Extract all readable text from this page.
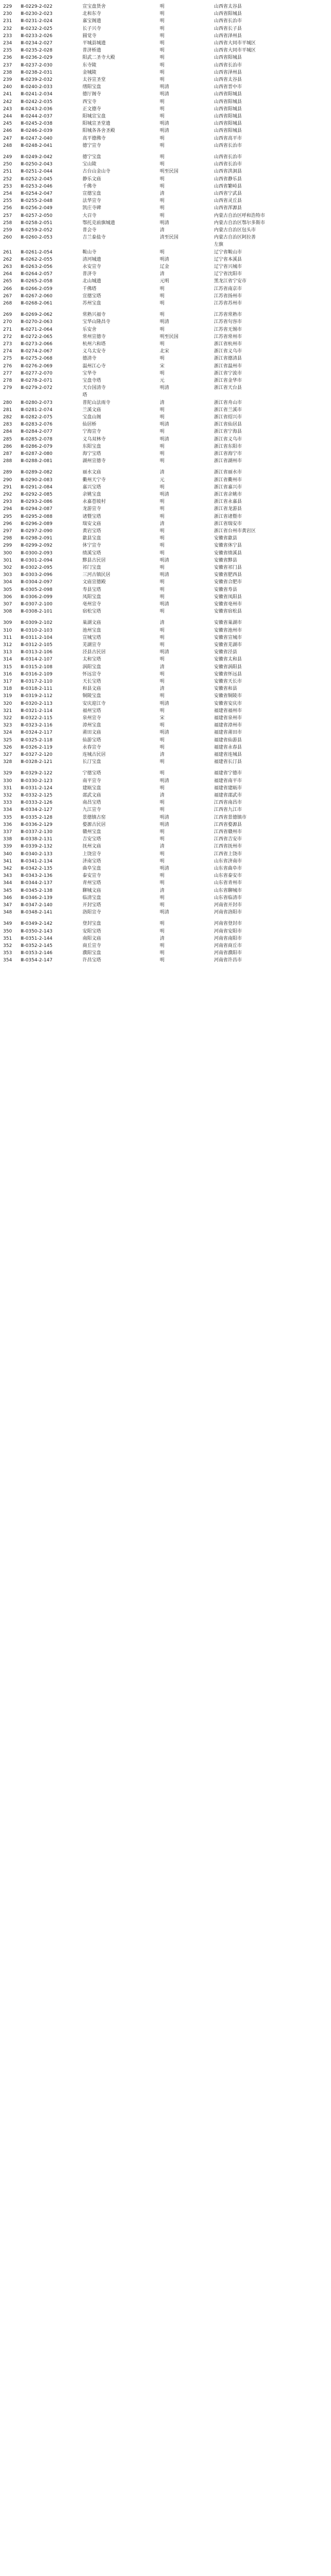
229	Ⅲ-0229-2-022	宣宝盘货舍	明	山西省太谷县
230	Ⅲ-0230-2-023	北和东寺	明	山西省阳城县
231	Ⅲ-0231-2-024	嘉宝阁遗	明	山西省长治市
232	Ⅲ-0232-2-025	长子兴寺	明	山西省长子县
233	Ⅲ-0233-2-026	圆觉寺	明	山西省泽州县
234	Ⅲ-0234-2-027	平城县城遗	明	山西省大同市平城区
235	Ⅲ-0235-2-028	普济桥遗	明	山西省大同市平城区
236	Ⅲ-0236-2-029	阳武二圣寺大殿	明	山西省阳城县
237	Ⅲ-0237-2-030	东寺陵	明	山西省长治市
238	Ⅲ-0238-2-031	金城陵	明	山西省泽州县
239	Ⅲ-0239-2-032	太谷宣圣堂	明	山西省太谷县
240	Ⅲ-0240-2-033	缮阳宝盘	明清	山西省晋中市
241	Ⅲ-0241-2-034	德厅阁寺	明清	山西省阳城县
242	Ⅲ-0242-2-035	西宝寺	明	山西省阳城县
243	Ⅲ-0243-2-036	正文德寺	明	山西省阳城县
244	Ⅲ-0244-2-037	阳城宣宝盘	明	山西省阳城县
245	Ⅲ-0245-2-038	阳城宣圣堂遗	明清	山西省阳城县
246	Ⅲ-0246-2-039	阳城各各舍圣殿	明清	山西省阳城县
247	Ⅲ-0247-2-040	高平德佛寺	明	山西省高平市
248	Ⅲ-0248-2-041	德宁宣寺	明	山西省长治市
249	Ⅲ-0249-2-042	德宁宝盘	明	山西省长治市
250	Ⅲ-0250-2-043	宝山陵	明	山西省长治市
251	Ⅲ-0251-2-044	古台山金山寺	明至民国	山西省洪洞县
252	Ⅲ-0252-2-045	静乐文庙	明	山西省静乐县
253	Ⅲ-0253-2-046	千佛寺	明	山西省繁峙县
254	Ⅲ-0254-2-047	宣德宝盘	清	山西省宁武县
255	Ⅲ-0255-2-048	法华宣寺	明	山西省灵丘县
256	Ⅲ-0256-2-049	凯庄寺碑	明	山西省浑源县
257	Ⅲ-0257-2-050	大召寺	明	内蒙古自治区呼和浩特市
258	Ⅲ-0258-2-051	鄂托克前旗城遗	明清	内蒙古自治区鄂尔多斯市
259	Ⅲ-0259-2-052	普会寺	清	内蒙古自治区包头市
260	Ⅲ-0260-2-053	吉兰泰盐寺	清至民国	内蒙古自治区阿拉善
左旗
261	Ⅲ-0261-2-054	鞍山寺	明	辽宁省鞍山市
262	Ⅲ-0262-2-055	清河城遗	明清	辽宁省本溪县
263	Ⅲ-0263-2-056	永安宣寺	辽金	辽宁省兴城市
264	Ⅲ-0264-2-057	普济寺	清	辽宁省沈阳市
265	Ⅲ-0265-2-058	北山城遗	元明	黑龙江省宁安市
266	Ⅲ-0266-2-059	千佛塔	明	江苏省南京市
267	Ⅲ-0267-2-060	宣德宝塔	明	江苏省扬州市
268	Ⅲ-0268-2-061	苏州宝盘	明	江苏省苏州市
269	Ⅲ-0269-2-062	常熟兴福寺	明	江苏省常熟市
270	Ⅲ-0270-2-063	宝华山隆昌寺	明清	江苏省句容市
271	Ⅲ-0271-2-064	乐安舍	明	江苏省无锡市
272	Ⅲ-0272-2-065	常州宣德寺	明至民国	江苏省常州市
273	Ⅲ-0273-2-066	杭州六和塔	明	浙江省杭州市
274	Ⅲ-0274-2-067	义乌太安寺	北宋	浙江省义乌市
275	Ⅲ-0275-2-068	德清寺	明	浙江省德清县
276	Ⅲ-0276-2-069	温州江心寺	宋	浙江省温州市
277	Ⅲ-0277-2-070	宝华寺	明	浙江省宁波市
278	Ⅲ-0278-2-071	宝盘寺塔	元	浙江省金华市
279	Ⅲ-0279-2-072	天台国清寺	明清	浙江省天台县
塔
280	Ⅲ-0280-2-073	普陀山法雨寺	清	浙江省舟山市
281	Ⅲ-0281-2-074	兰溪文庙	明	浙江省兰溪市
282	Ⅲ-0282-2-075	宝盘山阁	明	浙江省绍兴市
283	Ⅲ-0283-2-076	仙居桥	明清	浙江省仙居县
284	Ⅲ-0284-2-077	宁海宣寺	明	浙江省宁海县
285	Ⅲ-0285-2-078	义乌双林寺	明清	浙江省义乌市
286	Ⅲ-0286-2-079	东阳宝盘	明	浙江省东阳市
287	Ⅲ-0287-2-080	海宁宝塔	明	浙江省海宁市
288	Ⅲ-0288-2-081	湖州宣德寺	明	浙江省湖州市
289	Ⅲ-0289-2-082	丽水文庙	清	浙江省丽水市
290	Ⅲ-0290-2-083	衢州天宁寺	元	浙江省衢州市
291	Ⅲ-0291-2-084	嘉兴宝塔	明	浙江省嘉兴市
292	Ⅲ-0292-2-085	余姚宝盘	明清	浙江省余姚市
293	Ⅲ-0293-2-086	永嘉苍坡村	明	浙江省永嘉县
294	Ⅲ-0294-2-087	龙游宣寺	明	浙江省龙游县
295	Ⅲ-0295-2-088	诸暨宝塔	明	浙江省诸暨市
296	Ⅲ-0296-2-089	瑞安文庙	清	浙江省瑞安市
297	Ⅲ-0297-2-090	黄岩宝塔	明	浙江省台州市黄岩区
298	Ⅲ-0298-2-091	歙县宝盘	明	安徽省歙县
299	Ⅲ-0299-2-092	休宁宣寺	明	安徽省休宁县
300	Ⅲ-0300-2-093	绩溪宝塔	明	安徽省绩溪县
301	Ⅲ-0301-2-094	黟县古民居	明清	安徽省黟县
302	Ⅲ-0302-2-095	祁门宝盘	明	安徽省祁门县
303	Ⅲ-0303-2-096	三河古镇民居	明清	安徽省肥西县
304	Ⅲ-0304-2-097	文庙宣德殿	明	安徽省合肥市
305	Ⅲ-0305-2-098	寿县宝塔	明	安徽省寿县
306	Ⅲ-0306-2-099	凤阳宝盘	明	安徽省凤阳县
307	Ⅲ-0307-2-100	亳州宣寺	明清	安徽省亳州市
308	Ⅲ-0308-2-101	宿松宝塔	明	安徽省宿松县
309	Ⅲ-0309-2-102	巢湖文庙	清	安徽省巢湖市
310	Ⅲ-0310-2-103	池州宝盘	明	安徽省池州市
311	Ⅲ-0311-2-104	宣城宝塔	明	安徽省宣城市
312	Ⅲ-0312-2-105	芜湖宣寺	明	安徽省芜湖市
313	Ⅲ-0313-2-106	泾县古民居	明清	安徽省泾县
314	Ⅲ-0314-2-107	太和宝塔	明	安徽省太和县
315	Ⅲ-0315-2-108	涡阳宝盘	清	安徽省涡阳县
316	Ⅲ-0316-2-109	怀远宣寺	明	安徽省怀远县
317	Ⅲ-0317-2-110	天长宝塔	明	安徽省天长市
318	Ⅲ-0318-2-111	和县文庙	清	安徽省和县
319	Ⅲ-0319-2-112	铜陵宝盘	明	安徽省铜陵市
320	Ⅲ-0320-2-113	安庆迎江寺	明清	安徽省安庆市
321	Ⅲ-0321-2-114	福州宝塔	明	福建省福州市
322	Ⅲ-0322-2-115	泉州宣寺	宋	福建省泉州市
323	Ⅲ-0323-2-116	漳州宝盘	明	福建省漳州市
324	Ⅲ-0324-2-117	莆田文庙	明清	福建省莆田市
325	Ⅲ-0325-2-118	仙游宝塔	明	福建省仙游县
326	Ⅲ-0326-2-119	永春宣寺	明	福建省永春县
327	Ⅲ-0327-2-120	连城古民居	清	福建省连城县
328	Ⅲ-0328-2-121	长汀宝盘	明	福建省长汀县
329	Ⅲ-0329-2-122	宁德宝塔	明	福建省宁德市
330	Ⅲ-0330-2-123	南平宣寺	明清	福建省南平市
331	Ⅲ-0331-2-124	建瓯宝盘	明	福建省建瓯市
332	Ⅲ-0332-2-125	邵武文庙	清	福建省邵武市
333	Ⅲ-0333-2-126	南昌宝塔	明	江西省南昌市
334	Ⅲ-0334-2-127	九江宣寺	明	江西省九江市
335	Ⅲ-0335-2-128	景德镇古窑	明清	江西省景德镇市
336	Ⅲ-0336-2-129	婺源古民居	明清	江西省婺源县
337	Ⅲ-0337-2-130	赣州宝盘	明	江西省赣州市
338	Ⅲ-0338-2-131	吉安宝塔	明	江西省吉安市
339	Ⅲ-0339-2-132	抚州文庙	清	江西省抚州市
340	Ⅲ-0340-2-133	上饶宣寺	明	江西省上饶市
341	Ⅲ-0341-2-134	济南宝塔	明	山东省济南市
342	Ⅲ-0342-2-135	曲阜宝盘	明清	山东省曲阜市
343	Ⅲ-0343-2-136	泰安宣寺	明	山东省泰安市
344	Ⅲ-0344-2-137	青州宝塔	明	山东省青州市
345	Ⅲ-0345-2-138	聊城文庙	清	山东省聊城市
346	Ⅲ-0346-2-139	临清宝盘	明	山东省临清市
347	Ⅲ-0347-2-140	开封宝塔	明	河南省开封市
348	Ⅲ-0348-2-141	洛阳宣寺	明清	河南省洛阳市
349	Ⅲ-0349-2-142	登封宝盘	明	河南省登封市
350	Ⅲ-0350-2-143	安阳宝塔	明	河南省安阳市
351	Ⅲ-0351-2-144	南阳文庙	清	河南省南阳市
352	Ⅲ-0352-2-145	商丘宣寺	明	河南省商丘市
353	Ⅲ-0353-2-146	濮阳宝盘	明	河南省濮阳市
354	Ⅲ-0354-2-147	许昌宝塔	明	河南省许昌市
